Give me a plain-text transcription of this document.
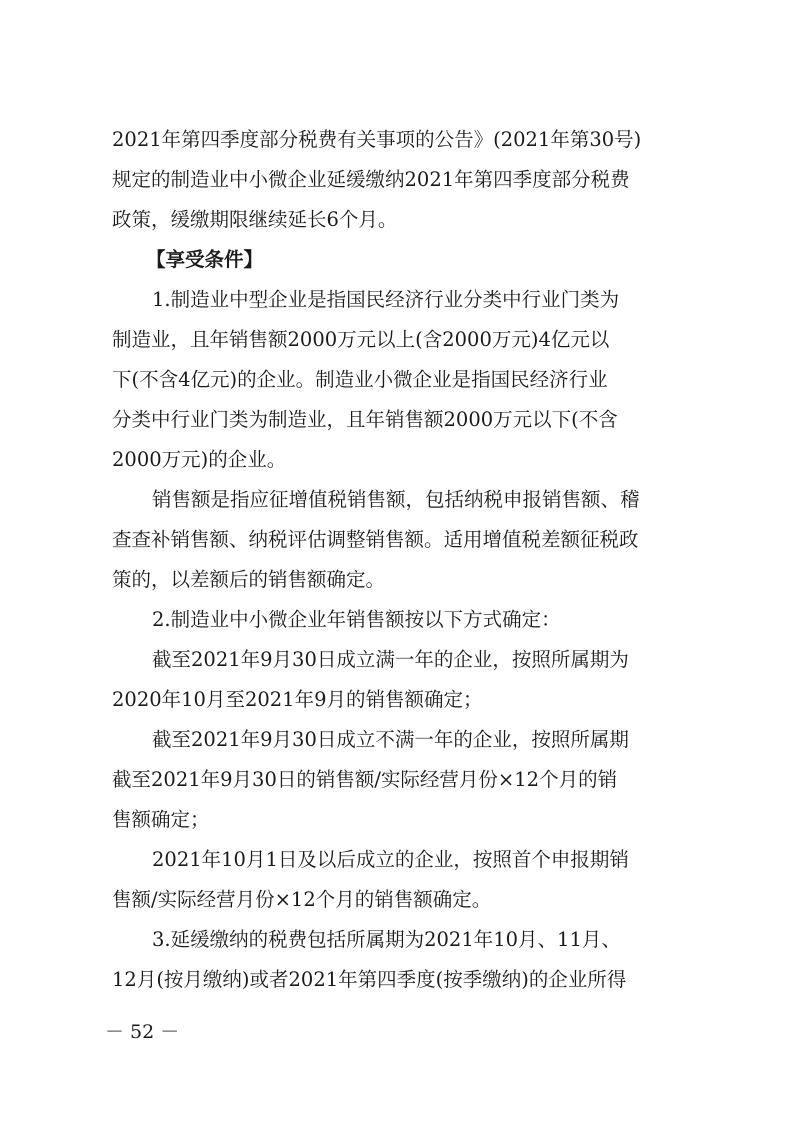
2021年第四季度部分税费有关事项的公告》(2021年第30号)
规定的制造业中小微企业延缓缴纳2021年第四季度部分税费
政策，缓缴期限继续延长6个月。
【享受条件】
1.制造业中型企业是指国民经济行业分类中行业门类为
制造业，且年销售额2000万元以上(含2000万元)4亿元以
下(不含4亿元)的企业。制造业小微企业是指国民经济行业
分类中行业门类为制造业，且年销售额2000万元以下(不含
2000万元)的企业。
销售额是指应征增值税销售额，包括纳税申报销售额、稽
查查补销售额、纳税评估调整销售额。适用增值税差额征税政
策的，以差额后的销售额确定。
2.制造业中小微企业年销售额按以下方式确定：
截至2021年9月30日成立满一年的企业，按照所属期为
2020年10月至2021年9月的销售额确定；
截至2021年9月30日成立不满一年的企业，按照所属期
截至2021年9月30日的销售额/实际经营月份×12个月的销
售额确定；
2021年10月1日及以后成立的企业，按照首个申报期销
售额/实际经营月份×12个月的销售额确定。
3.延缓缴纳的税费包括所属期为2021年10月、11月、
12月(按月缴纳)或者2021年第四季度(按季缴纳)的企业所得
－ 52 －
